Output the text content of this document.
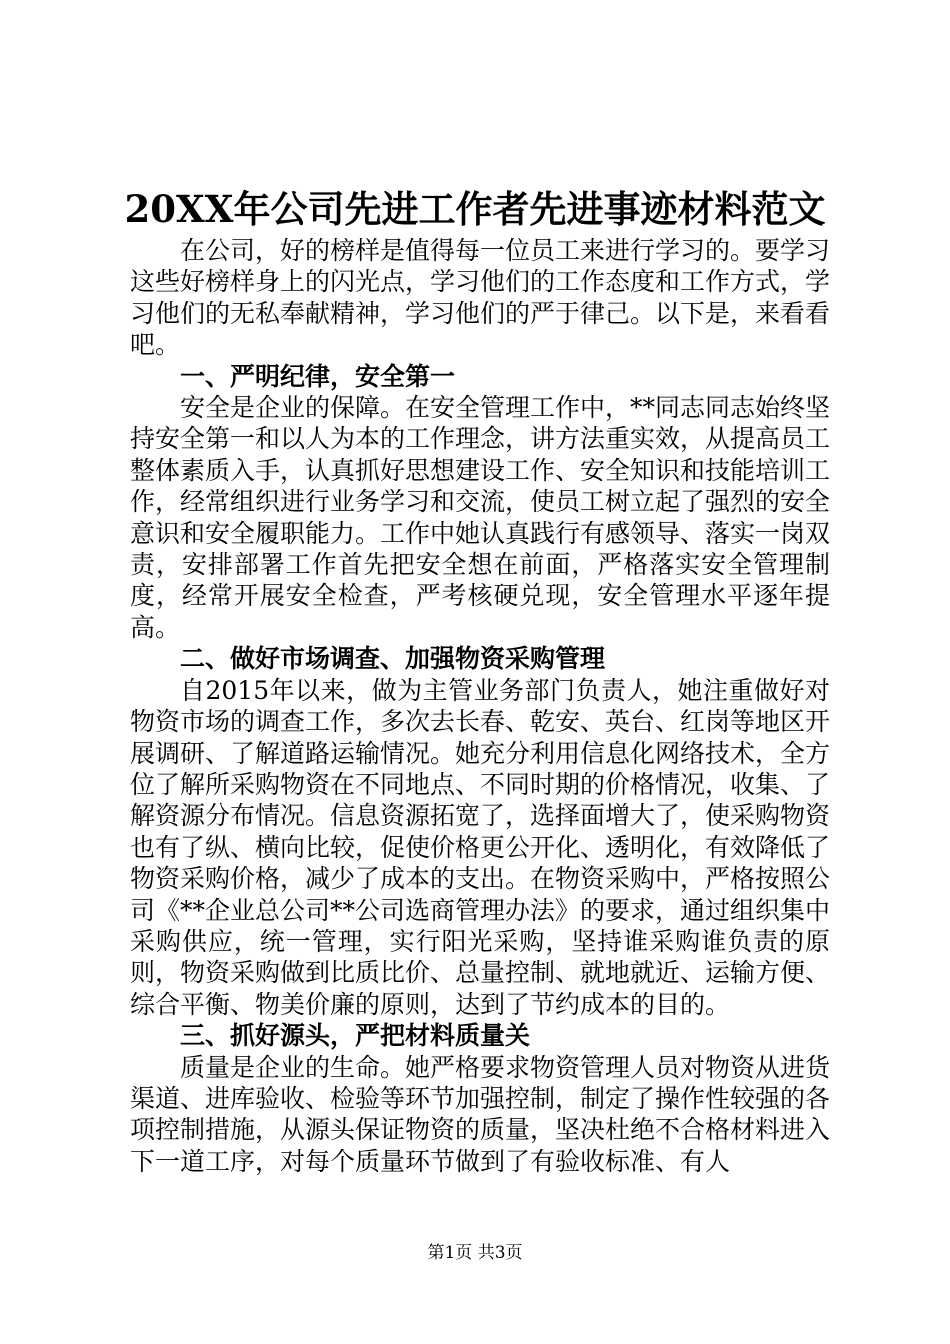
20XX年公司先进工作者先进事迹材料范文

在公司，好的榜样是值得每一位员工来进行学习的。要学习这些好榜样身上的闪光点，学习他们的工作态度和工作方式，学习他们的无私奉献精神，学习他们的严于律己。以下是，来看看吧。

一、严明纪律，安全第一

安全是企业的保障。在安全管理工作中，**同志同志始终坚持安全第一和以人为本的工作理念，讲方法重实效，从提高员工整体素质入手，认真抓好思想建设工作、安全知识和技能培训工作，经常组织进行业务学习和交流，使员工树立起了强烈的安全意识和安全履职能力。工作中她认真践行有感领导、落实一岗双责，安排部署工作首先把安全想在前面，严格落实安全管理制度，经常开展安全检查，严考核硬兑现，安全管理水平逐年提高。

二、做好市场调查、加强物资采购管理

自2015年以来，做为主管业务部门负责人，她注重做好对物资市场的调查工作，多次去长春、乾安、英台、红岗等地区开展调研、了解道路运输情况。她充分利用信息化网络技术，全方位了解所采购物资在不同地点、不同时期的价格情况，收集、了解资源分布情况。信息资源拓宽了，选择面增大了，使采购物资也有了纵、横向比较，促使价格更公开化、透明化，有效降低了物资采购价格，减少了成本的支出。在物资采购中，严格按照公司《**企业总公司**公司选商管理办法》的要求，通过组织集中采购供应，统一管理，实行阳光采购，坚持谁采购谁负责的原则，物资采购做到比质比价、总量控制、就地就近、运输方便、综合平衡、物美价廉的原则，达到了节约成本的目的。

三、抓好源头，严把材料质量关

质量是企业的生命。她严格要求物资管理人员对物资从进货渠道、进库验收、检验等环节加强控制，制定了操作性较强的各项控制措施，从源头保证物资的质量，坚决杜绝不合格材料进入下一道工序，对每个质量环节做到了有验收标准、有人

第1页 共3页
